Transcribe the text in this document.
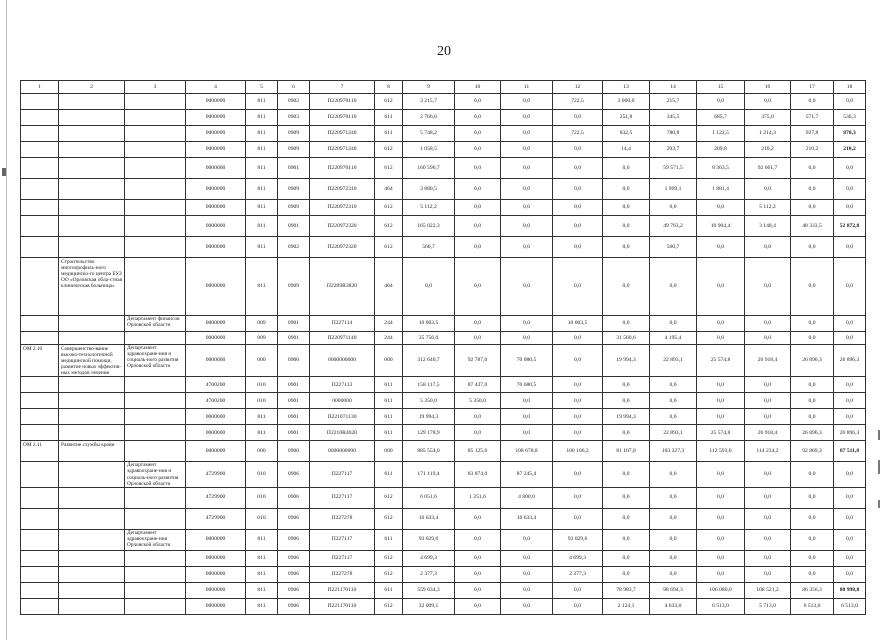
20
1	2	3	4	5	6	7	8	9	10	11	12	13	14	15	16	17	18
			0000000	811	0902	П220970110	612	3 215,7	0,0	0,0	722,5	3 000,0	215,7	0,0	0,0	0,0	0,0
			0000000	811	0903	П220970110	611	2 766,0	0,0	0,0	0,0	251,8	345,5	685,7	375,0	571,7	536,3
			0000000	811	0909	П220971240	611	5 748,2	0,0	0,0	722,5	832,5	780,8	1 122,5	1 214,3	927,8	870,3
			0000000	811	0909	П220971240	612	1 058,5	0,0	0,0	0,0	14,4	203,7	209,8	210,2	210,2	210,2
			0000000	811	0901	П220970110	612	160 596,7	0,0	0,0	0,0	0,0	59 571,5	8 363,5	92 661,7	0,0	0,0
			0000000	811	0909	П220972310	464	3 880,5	0,0	0,0	0,0	0,0	1 999,1	1 881,4	0,0	0,0	0,0
			0000000	811	0909	П220972310	612	5 112,2	0,0	0,0	0,0	0,0	0,0	0,0	5 112,2	0,0	0,0
			0000000	811	0901	П220972320	612	165 022,3	0,0	0,0	0,0	0,0	49 763,2	10 904,4	3 148,4	48 333,5	52 872,8
			0000000	811	0902	П220972320	612	560,7	0,0	0,0	0,0	0,0	560,7	0,0	0,0	0,0	0,0
	Строительство многопрофиль-ного медицинско-го центра БУЗ ОО «Орловская обла-стная клиническая больница»		0000000	811	0909	П2209R3820	464	0,0	0,0	0,0	0,0	0,0	0,0	0,0	0,0	0,0	0,0
		Департамент финансов Орловской области	0000000	009	0901	П227114	244	10 003,5	0,0	0,0	10 003,5	0,0	0,0	0,0	0,0	0,0	0,0
			0000000	009	0901	П220971140	244	35 756,0	0,0	0,0	0,0	31 560,6	4 195,4	0,0	0,0	0,0	0,0
ОМ 2.10	Совершенство-вание высоко-технологичной медицинской помощи, развитие новых эффектив-ных методов лечения	Департамент здравоохране-ния и социаль-ного развития Орловской области	0000000	000	0900	0000000000	000	312 640,7	92 787,0	70 080,5	0,0	19 994,3	22 893,1	25 574,8	26 918,4	26 896,3	26 896,3
			4700200	010	0901	П227113	611	158 117,5	87 437,0	70 680,5	0,0	0,0	0,0	0,0	0,0	0,0	0,0
			4700200	010	0901	0000000	611	5 350,0	5 350,0	0,0	0,0	0,0	0,0	0,0	0,0	0,0	0,0
			0000000	811	0901	П221071130	611	19 994,3	0,0	0,0	0,0	19 994,3	0,0	0,0	0,0	0,0	0,0
			0000000	811	0901	П2210R4020	611	129 178,9	0,0	0,0	0,0	0,0	22 893,1	25 574,8	26 918,4	26 896,3	26 896,3
ОМ 2.11	Развитие службы крови		0000000	000	0900	0000000000	000	885 554,0	85 125,6	108 678,8	100 106,2	81 107,8	103 327,3	112 593,0	114 234,2	92 869,3	87 511,8
		Департамент здравоохране-ния и социаль-ного развития Орловской области	4729900	010	0906	П227117	611	171 119,4	83 874,0	87 245,4	0,0	0,0	0,0	0,0	0,0	0,0	0,0
			4729900	010	0906	П227117	612	6 051,6	1 251,6	4 800,0	0,0	0,0	0,0	0,0	0,0	0,0	0,0
			4729900	010	0906	П227278	612	16 633,4	0,0	16 633,4	0,0	0,0	0,0	0,0	0,0	0,0	0,0
		Департамент здравоохране-ния Орловской области	0000000	811	0906	П227117	611	93 029,6	0,0	0,0	93 029,6	0,0	0,0	0,0	0,0	0,0	0,0
			0000000	811	0906	П227117	612	4 699,3	0,0	0,0	4 699,3	0,0	0,0	0,0	0,0	0,0	0,0
			0000000	811	0906	П227278	612	2 377,3	0,0	0,0	2 377,3	0,0	0,0	0,0	0,0	0,0	0,0
			0000000	811	0906	П221170110	611	559 634,3	0,0	0,0	0,0	78 983,7	98 694,3	106 080,0	108 521,2	86 356,3	80 998,8
			0000000	811	0906	П221170110	612	32 009,1	0,0	0,0	0,0	2 124,1	4 633,0	6 513,0	5 713,0	6 513,0	6 513,0
